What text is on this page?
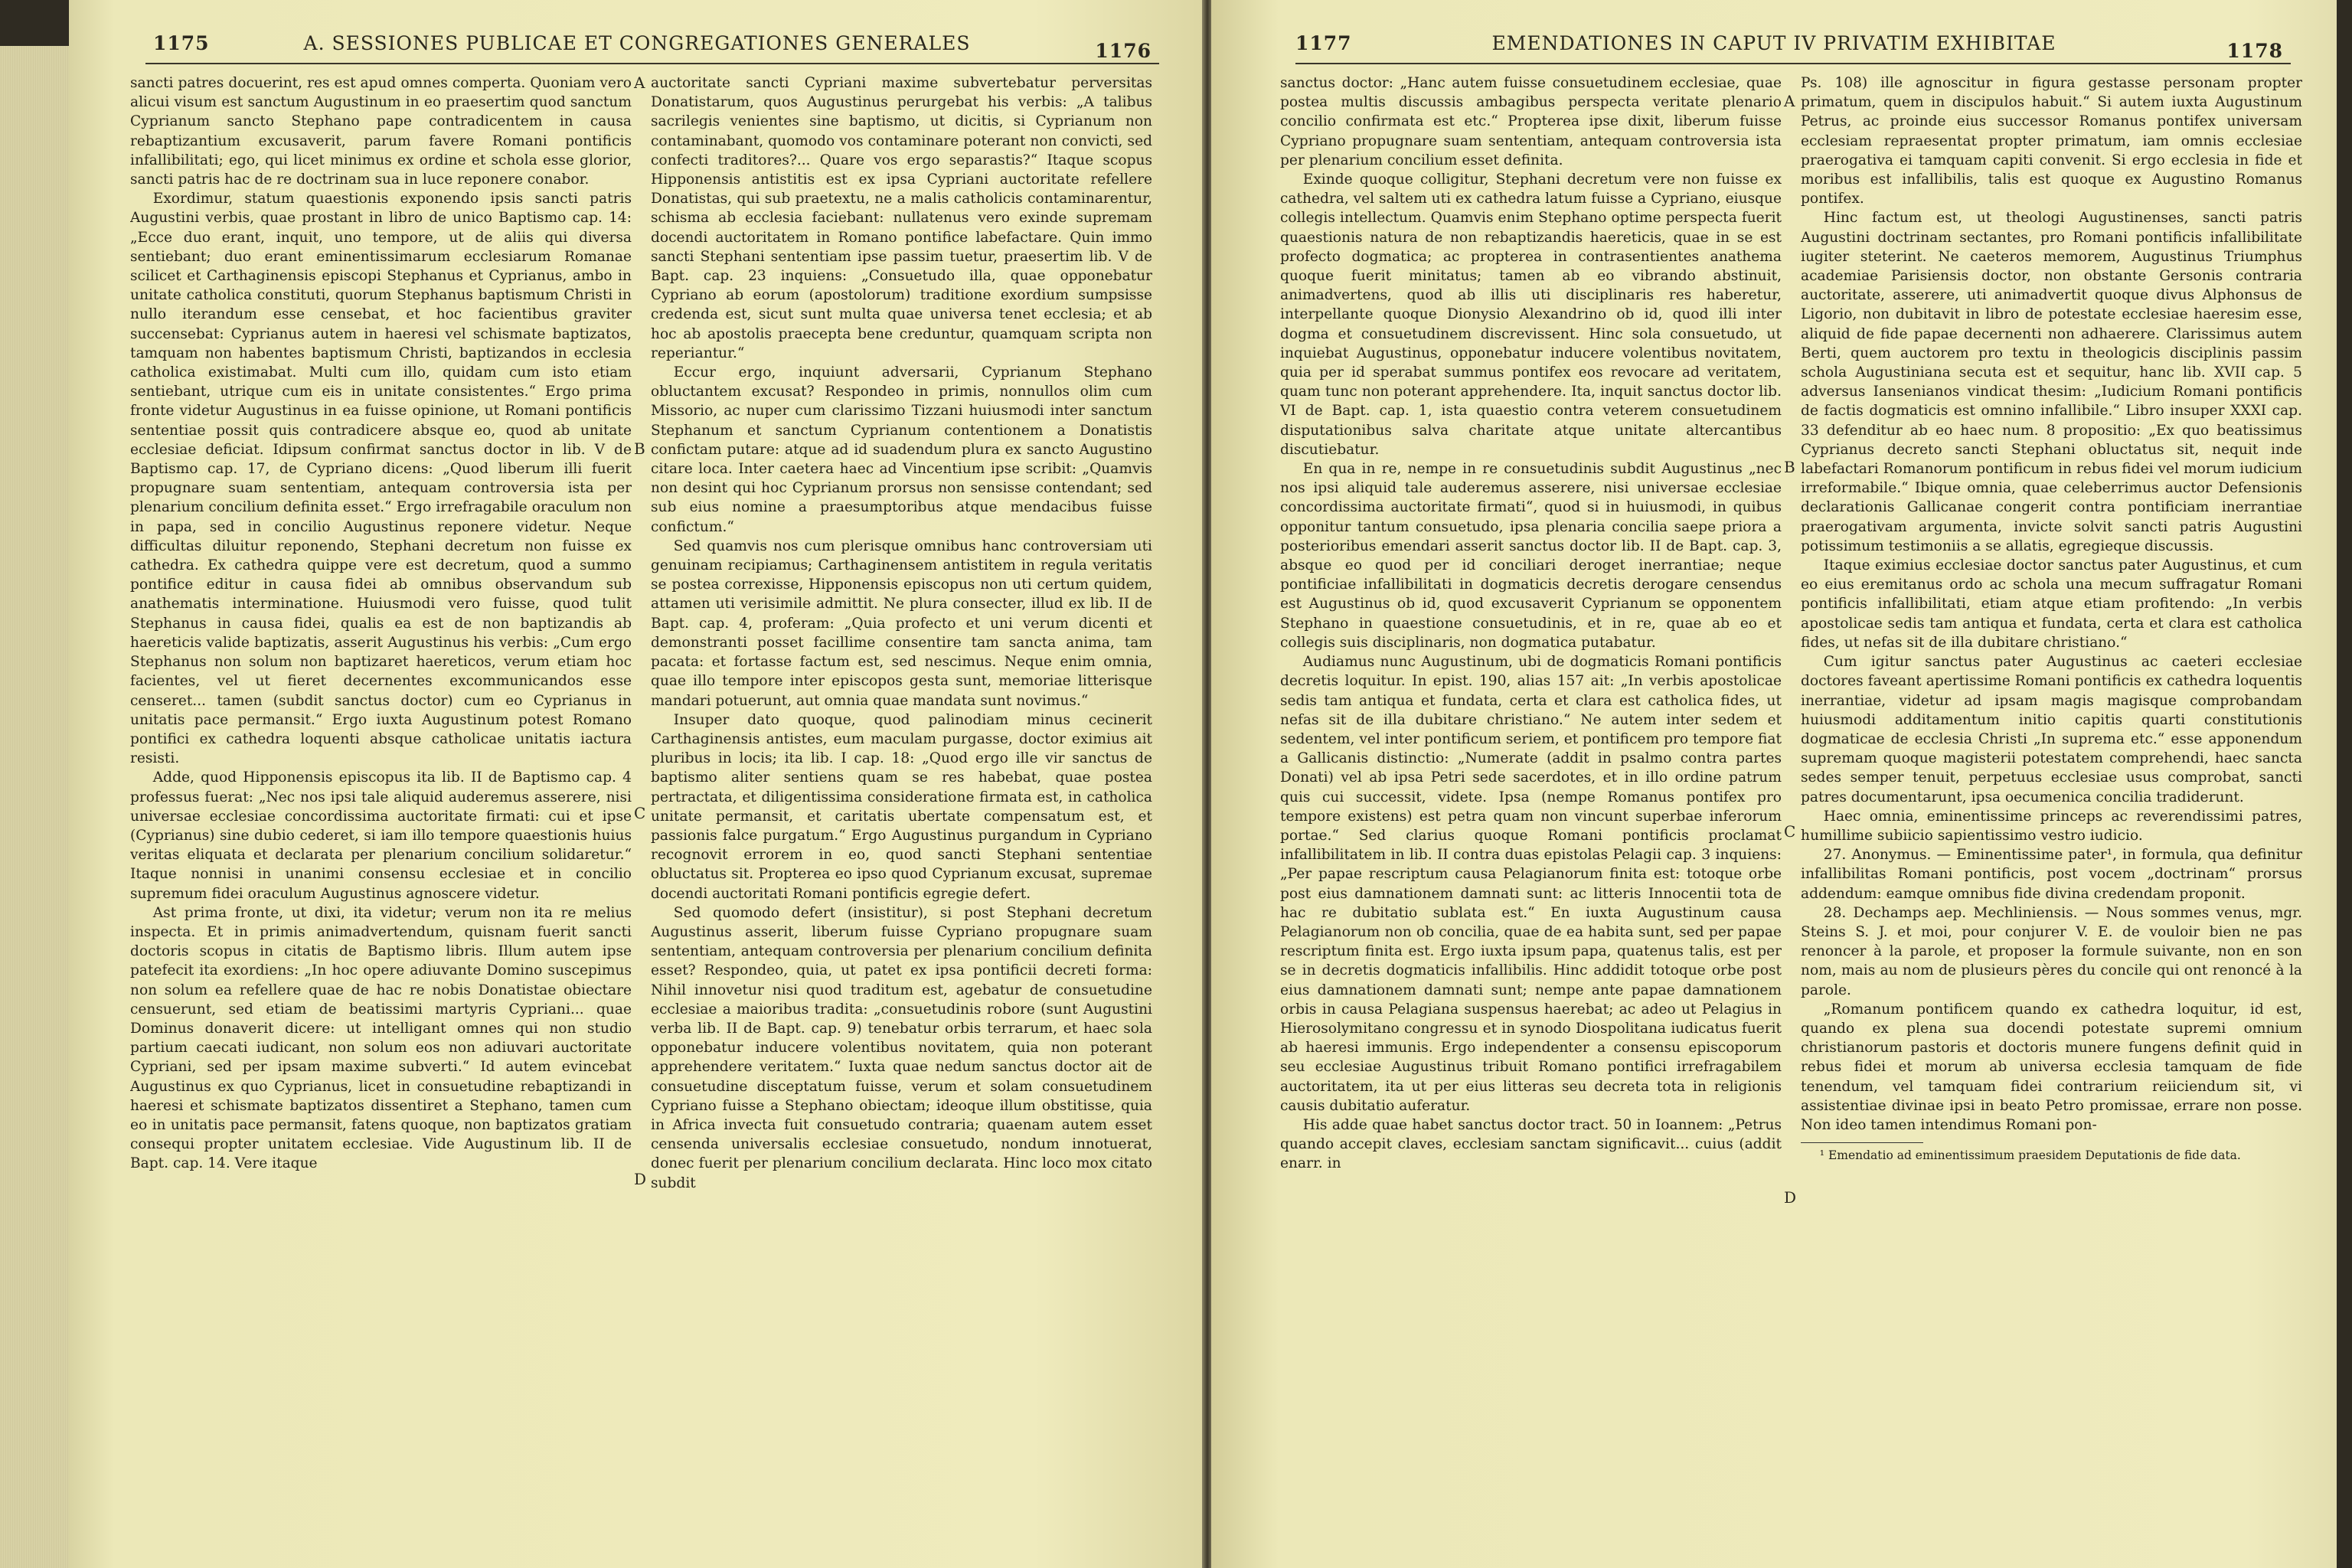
1175	A. SESSIONES PUBLICAE ET CONGREGATIONES GENERALES	1176

sancti patres docuerint, res est apud omnes comperta. Quoniam vero alicui visum est sanctum Augustinum in eo praesertim quod sanctum Cyprianum sancto Stephano pape contradicentem in causa rebaptizantium excusaverit, parum favere Romani pontificis infallibilitati; ego, qui licet minimus ex ordine et schola esse glorior, sancti patris hac de re doctrinam sua in luce reponere conabor.

Exordimur, statum quaestionis exponendo ipsis sancti patris Augustini verbis, quae prostant in libro de unico Baptismo cap. 14: „Ecce duo erant, inquit, uno tempore, ut de aliis qui diversa sentiebant; duo erant eminentissimarum ecclesiarum Romanae scilicet et Carthaginensis episcopi Stephanus et Cyprianus, ambo in unitate catholica constituti, quorum Stephanus baptismum Christi in nullo iterandum esse censebat, et hoc facientibus graviter succensebat: Cyprianus autem in haeresi vel schismate baptizatos, tamquam non habentes baptismum Christi, baptizandos in ecclesia catholica existimabat. Multi cum illo, quidam cum isto etiam sentiebant, utrique cum eis in unitate consistentes.“ Ergo prima fronte videtur Augustinus in ea fuisse opinione, ut Romani pontificis sententiae possit quis contradicere absque eo, quod ab unitate ecclesiae deficiat. Idipsum confirmat sanctus doctor in lib. V de Baptismo cap. 17, de Cypriano dicens: „Quod liberum illi fuerit propugnare suam sententiam, antequam controversia ista per plenarium concilium definita esset.“ Ergo irrefragabile oraculum non in papa, sed in concilio Augustinus reponere videtur. Neque difficultas diluitur reponendo, Stephani decretum non fuisse ex cathedra. Ex cathedra quippe vere est decretum, quod a summo pontifice editur in causa fidei ab omnibus observandum sub anathematis interminatione. Huiusmodi vero fuisse, quod tulit Stephanus in causa fidei, qualis ea est de non baptizandis ab haereticis valide baptizatis, asserit Augustinus his verbis: „Cum ergo Stephanus non solum non baptizaret haereticos, verum etiam hoc facientes, vel ut fieret decernentes excommunicandos esse censeret... tamen (subdit sanctus doctor) cum eo Cyprianus in unitatis pace permansit.“ Ergo iuxta Augustinum potest Romano pontifici ex cathedra loquenti absque catholicae unitatis iactura resisti.

Adde, quod Hipponensis episcopus ita lib. II de Baptismo cap. 4 professus fuerat: „Nec nos ipsi tale aliquid auderemus asserere, nisi universae ecclesiae concordissima auctoritate firmati: cui et ipse (Cyprianus) sine dubio cederet, si iam illo tempore quaestionis huius veritas eliquata et declarata per plenarium concilium solidaretur.“ Itaque nonnisi in unanimi consensu ecclesiae et in concilio supremum fidei oraculum Augustinus agnoscere videtur.

Ast prima fronte, ut dixi, ita videtur; verum non ita re melius inspecta. Et in primis animadvertendum, quisnam fuerit sancti doctoris scopus in citatis de Baptismo libris. Illum autem ipse patefecit ita exordiens: „In hoc opere adiuvante Domino suscepimus non solum ea refellere quae de hac re nobis Donatistae obiectare censuerunt, sed etiam de beatissimi martyris Cypriani... quae Dominus donaverit dicere: ut intelligant omnes qui non studio partium caecati iudicant, non solum eos non adiuvari auctoritate Cypriani, sed per ipsam maxime subverti.“ Id autem evincebat Augustinus ex quo Cyprianus, licet in consuetudine rebaptizandi in haeresi et schismate baptizatos dissentiret a Stephano, tamen cum eo in unitatis pace permansit, fatens quoque, non baptizatos gratiam consequi propter unitatem ecclesiae. Vide Augustinum lib. II de Bapt. cap. 14. Vere itaque

auctoritate sancti Cypriani maxime subvertebatur perversitas Donatistarum, quos Augustinus perurgebat his verbis: „A talibus sacrilegis venientes sine baptismo, ut dicitis, si Cyprianum non contaminabant, quomodo vos contaminare poterant non convicti, sed confecti traditores?... Quare vos ergo separastis?“ Itaque scopus Hipponensis antistitis est ex ipsa Cypriani auctoritate refellere Donatistas, qui sub praetextu, ne a malis catholicis contaminarentur, schisma ab ecclesia faciebant: nullatenus vero exinde supremam docendi auctoritatem in Romano pontifice labefactare. Quin immo sancti Stephani sententiam ipse passim tuetur, praesertim lib. V de Bapt. cap. 23 inquiens: „Consuetudo illa, quae opponebatur Cypriano ab eorum (apostolorum) traditione exordium sumpsisse credenda est, sicut sunt multa quae universa tenet ecclesia; et ab hoc ab apostolis praecepta bene creduntur, quamquam scripta non reperiantur.“

Eccur ergo, inquiunt adversarii, Cyprianum Stephano obluctantem excusat? Respondeo in primis, nonnullos olim cum Missorio, ac nuper cum clarissimo Tizzani huiusmodi inter sanctum Stephanum et sanctum Cyprianum contentionem a Donatistis confictam putare: atque ad id suadendum plura ex sancto Augustino citare loca. Inter caetera haec ad Vincentium ipse scribit: „Quamvis non desint qui hoc Cyprianum prorsus non sensisse contendant; sed sub eius nomine a praesumptoribus atque mendacibus fuisse confictum.“

Sed quamvis nos cum plerisque omnibus hanc controversiam uti genuinam recipiamus; Carthaginensem antistitem in regula veritatis se postea correxisse, Hipponensis episcopus non uti certum quidem, attamen uti verisimile admittit. Ne plura consecter, illud ex lib. II de Bapt. cap. 4, proferam: „Quia profecto et uni verum dicenti et demonstranti posset facillime consentire tam sancta anima, tam pacata: et fortasse factum est, sed nescimus. Neque enim omnia, quae illo tempore inter episcopos gesta sunt, memoriae litterisque mandari potuerunt, aut omnia quae mandata sunt novimus.“

Insuper dato quoque, quod palinodiam minus cecinerit Carthaginensis antistes, eum maculam purgasse, doctor eximius ait pluribus in locis; ita lib. I cap. 18: „Quod ergo ille vir sanctus de baptismo aliter sentiens quam se res habebat, quae postea pertractata, et diligentissima consideratione firmata est, in catholica unitate permansit, et caritatis ubertate compensatum est, et passionis falce purgatum.“ Ergo Augustinus purgandum in Cypriano recognovit errorem in eo, quod sancti Stephani sententiae obluctatus sit. Propterea eo ipso quod Cyprianum excusat, supremae docendi auctoritati Romani pontificis egregie defert.

Sed quomodo defert (insistitur), si post Stephani decretum Augustinus asserit, liberum fuisse Cypriano propugnare suam sententiam, antequam controversia per plenarium concilium definita esset? Respondeo, quia, ut patet ex ipsa pontificii decreti forma: Nihil innovetur nisi quod traditum est, agebatur de consuetudine ecclesiae a maioribus tradita: „consuetudinis robore (sunt Augustini verba lib. II de Bapt. cap. 9) tenebatur orbis terrarum, et haec sola opponebatur inducere volentibus novitatem, quia non poterant apprehendere veritatem.“ Iuxta quae nedum sanctus doctor ait de consuetudine disceptatum fuisse, verum et solam consuetudinem Cypriano fuisse a Stephano obiectam; ideoque illum obstitisse, quia in Africa invecta fuit consuetudo contraria; quaenam autem esset censenda universalis ecclesiae consuetudo, nondum innotuerat, donec fuerit per plenarium concilium declarata. Hinc loco mox citato subdit

A
B
C
D
1177	EMENDATIONES IN CAPUT IV PRIVATIM EXHIBITAE	1178

sanctus doctor: „Hanc autem fuisse consuetudinem ecclesiae, quae postea multis discussis ambagibus perspecta veritate plenario concilio confirmata est etc.“ Propterea ipse dixit, liberum fuisse Cypriano propugnare suam sententiam, antequam controversia ista per plenarium concilium esset definita.

Exinde quoque colligitur, Stephani decretum vere non fuisse ex cathedra, vel saltem uti ex cathedra latum fuisse a Cypriano, eiusque collegis intellectum. Quamvis enim Stephano optime perspecta fuerit quaestionis natura de non rebaptizandis haereticis, quae in se est profecto dogmatica; ac propterea in contrasentientes anathema quoque fuerit minitatus; tamen ab eo vibrando abstinuit, animadvertens, quod ab illis uti disciplinaris res haberetur, interpellante quoque Dionysio Alexandrino ob id, quod illi inter dogma et consuetudinem discrevissent. Hinc sola consuetudo, ut inquiebat Augustinus, opponebatur inducere volentibus novitatem, quia per id sperabat summus pontifex eos revocare ad veritatem, quam tunc non poterant apprehendere. Ita, inquit sanctus doctor lib. VI de Bapt. cap. 1, ista quaestio contra veterem consuetudinem disputationibus salva charitate atque unitate altercantibus discutiebatur.

En qua in re, nempe in re consuetudinis subdit Augustinus „nec nos ipsi aliquid tale auderemus asserere, nisi universae ecclesiae concordissima auctoritate firmati“, quod si in huiusmodi, in quibus opponitur tantum consuetudo, ipsa plenaria concilia saepe priora a posterioribus emendari asserit sanctus doctor lib. II de Bapt. cap. 3, absque eo quod per id conciliari deroget inerrantiae; neque pontificiae infallibilitati in dogmaticis decretis derogare censendus est Augustinus ob id, quod excusaverit Cyprianum se opponentem Stephano in quaestione consuetudinis, et in re, quae ab eo et collegis suis disciplinaris, non dogmatica putabatur.

Audiamus nunc Augustinum, ubi de dogmaticis Romani pontificis decretis loquitur. In epist. 190, alias 157 ait: „In verbis apostolicae sedis tam antiqua et fundata, certa et clara est catholica fides, ut nefas sit de illa dubitare christiano.“ Ne autem inter sedem et sedentem, vel inter pontificum seriem, et pontificem pro tempore fiat a Gallicanis distinctio: „Numerate (addit in psalmo contra partes Donati) vel ab ipsa Petri sede sacerdotes, et in illo ordine patrum quis cui successit, videte. Ipsa (nempe Romanus pontifex pro tempore existens) est petra quam non vincunt superbae inferorum portae.“ Sed clarius quoque Romani pontificis proclamat infallibilitatem in lib. II contra duas epistolas Pelagii cap. 3 inquiens: „Per papae rescriptum causa Pelagianorum finita est: totoque orbe post eius damnationem damnati sunt: ac litteris Innocentii tota de hac re dubitatio sublata est.“ En iuxta Augustinum causa Pelagianorum non ob concilia, quae de ea habita sunt, sed per papae rescriptum finita est. Ergo iuxta ipsum papa, quatenus talis, est per se in decretis dogmaticis infallibilis. Hinc addidit totoque orbe post eius damnationem damnati sunt; nempe ante papae damnationem orbis in causa Pelagiana suspensus haerebat; ac adeo ut Pelagius in Hierosolymitano congressu et in synodo Diospolitana iudicatus fuerit ab haeresi immunis. Ergo independenter a consensu episcoporum seu ecclesiae Augustinus tribuit Romano pontifici irrefragabilem auctoritatem, ita ut per eius litteras seu decreta tota in religionis causis dubitatio auferatur.

His adde quae habet sanctus doctor tract. 50 in Ioannem: „Petrus quando accepit claves, ecclesiam sanctam significavit... cuius (addit enarr. in

Ps. 108) ille agnoscitur in figura gestasse personam propter primatum, quem in discipulos habuit.“ Si autem iuxta Augustinum Petrus, ac proinde eius successor Romanus pontifex universam ecclesiam repraesentat propter primatum, iam omnis ecclesiae praerogativa ei tamquam capiti convenit. Si ergo ecclesia in fide et moribus est infallibilis, talis est quoque ex Augustino Romanus pontifex.

Hinc factum est, ut theologi Augustinenses, sancti patris Augustini doctrinam sectantes, pro Romani pontificis infallibilitate iugiter steterint. Ne caeteros memorem, Augustinus Triumphus academiae Parisiensis doctor, non obstante Gersonis contraria auctoritate, asserere, uti animadvertit quoque divus Alphonsus de Ligorio, non dubitavit in libro de potestate ecclesiae haeresim esse, aliquid de fide papae decernenti non adhaerere. Clarissimus autem Berti, quem auctorem pro textu in theologicis disciplinis passim schola Augustiniana secuta est et sequitur, hanc lib. XVII cap. 5 adversus Iansenianos vindicat thesim: „Iudicium Romani pontificis de factis dogmaticis est omnino infallibile.“ Libro insuper XXXI cap. 33 defenditur ab eo haec num. 8 propositio: „Ex quo beatissimus Cyprianus decreto sancti Stephani obluctatus sit, nequit inde labefactari Romanorum pontificum in rebus fidei vel morum iudicium irreformabile.“ Ibique omnia, quae celeberrimus auctor Defensionis declarationis Gallicanae congerit contra pontificiam inerrantiae praerogativam argumenta, invicte solvit sancti patris Augustini potissimum testimoniis a se allatis, egregieque discussis.

Itaque eximius ecclesiae doctor sanctus pater Augustinus, et cum eo eius eremitanus ordo ac schola una mecum suffragatur Romani pontificis infallibilitati, etiam atque etiam profitendo: „In verbis apostolicae sedis tam antiqua et fundata, certa et clara est catholica fides, ut nefas sit de illa dubitare christiano.“

Cum igitur sanctus pater Augustinus ac caeteri ecclesiae doctores faveant apertissime Romani pontificis ex cathedra loquentis inerrantiae, videtur ad ipsam magis magisque comprobandam huiusmodi additamentum initio capitis quarti constitutionis dogmaticae de ecclesia Christi „In suprema etc.“ esse apponendum supremam quoque magisterii potestatem comprehendi, haec sancta sedes semper tenuit, perpetuus ecclesiae usus comprobat, sancti patres documentarunt, ipsa oecumenica concilia tradiderunt.

Haec omnia, eminentissime princeps ac reverendissimi patres, humillime subiicio sapientissimo vestro iudicio.

27. Anonymus. — Eminentissime pater¹, in formula, qua definitur infallibilitas Romani pontificis, post vocem „doctrinam“ prorsus addendum: eamque omnibus fide divina credendam proponit.

28. Dechamps aep. Mechliniensis. — Nous sommes venus, mgr. Steins S. J. et moi, pour conjurer V. E. de vouloir bien ne pas renoncer à la parole, et proposer la formule suivante, non en son nom, mais au nom de plusieurs pères du concile qui ont renoncé à la parole.

„Romanum pontificem quando ex cathedra loquitur, id est, quando ex plena sua docendi potestate supremi omnium christianorum pastoris et doctoris munere fungens definit quid in rebus fidei et morum ab universa ecclesia tamquam de fide tenendum, vel tamquam fidei contrarium reiiciendum sit, vi assistentiae divinae ipsi in beato Petro promissae, errare non posse. Non ideo tamen intendimus Romani pon-

¹ Emendatio ad eminentissimum praesidem Deputationis de fide data.

A
B
C
D
